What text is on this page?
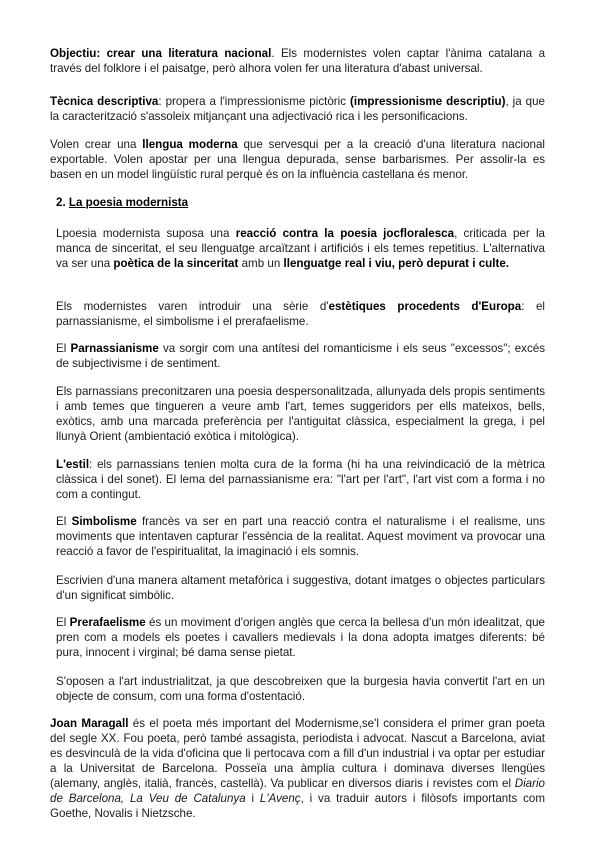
Objectiu: crear una literatura nacional. Els modernistes volen captar l'ànima catalana a través del folklore i el paisatge, però alhora volen fer una literatura d'abast universal.

Tècnica descriptiva: propera a l'impressionisme pictòric (impressionisme descriptiu), ja que la caracterització s'assoleix mitjançant una adjectivació rica i les personificacions.

Volen crear una llengua moderna que servesqui per a la creació d'una literatura nacional exportable. Volen apostar per una llengua depurada, sense barbarismes. Per assolir-la es basen en un model lingüístic rural perquè és on la influència castellana és menor.

2. La poesia modernista

Lpoesia modernista suposa una reacció contra la poesia jocfloralesca, criticada per la manca de sinceritat, el seu llenguatge arcaïtzant i artificiós i els temes repetitius. L'alternativa va ser una poètica de la sinceritat amb un llenguatge real i viu, però depurat i culte.

Els modernistes varen introduir una sèrie d'estètiques procedents d'Europa: el parnassianisme, el simbolisme i el prerafaelisme.

El Parnassianisme va sorgir com una antítesi del romanticisme i els seus "excessos"; excés de subjectivisme i de sentiment.

Els parnassians preconitzaren una poesia despersonalitzada, allunyada dels propis sentiments i amb temes que tingueren a veure amb l'art, temes suggeridors per ells mateixos, bells, exòtics, amb una marcada preferència per l'antiguitat clàssica, especialment la grega, i pel llunyà Orient (ambientació exòtica i mitològica).

L'estil: els parnassians tenien molta cura de la forma (hi ha una reivindicació de la mètrica clàssica i del sonet). El lema del parnassianisme era: "l'art per l'art", l'art vist com a forma i no com a contingut.

El Simbolisme francès va ser en part una reacció contra el naturalisme i el realisme, uns moviments que intentaven capturar l'essència de la realitat. Aquest moviment va provocar una reacció a favor de l'espiritualitat, la imaginació i els somnis.

Escrivien d'una manera altament metafòrica i suggestiva, dotant imatges o objectes particulars d'un significat simbòlic.

El Prerafaelisme és un moviment d'origen anglès que cerca la bellesa d'un món idealitzat, que pren com a models els poetes i cavallers medievals i la dona adopta imatges diferents: bé pura, innocent i virginal; bé dama sense pietat.

S'oposen a l'art industrialitzat, ja que descobreixen que la burgesia havia convertit l'art en un objecte de consum, com una forma d'ostentació.

Joan Maragall és el poeta més important del Modernisme,se'l considera el primer gran poeta del segle XX. Fou poeta, però també assagista, periodista i advocat. Nascut a Barcelona, aviat es desvinculà de la vida d'oficina que li pertocava com a fill d'un industrial i va optar per estudiar a la Universitat de Barcelona. Posseïa una àmplia cultura i dominava diverses llengües (alemany, anglès, italià, francès, castellà). Va publicar en diversos diaris i revistes com el Diario de Barcelona, La Veu de Catalunya i L'Avenç, i va traduir autors i filòsofs importants com Goethe, Novalis i Nietzsche.
